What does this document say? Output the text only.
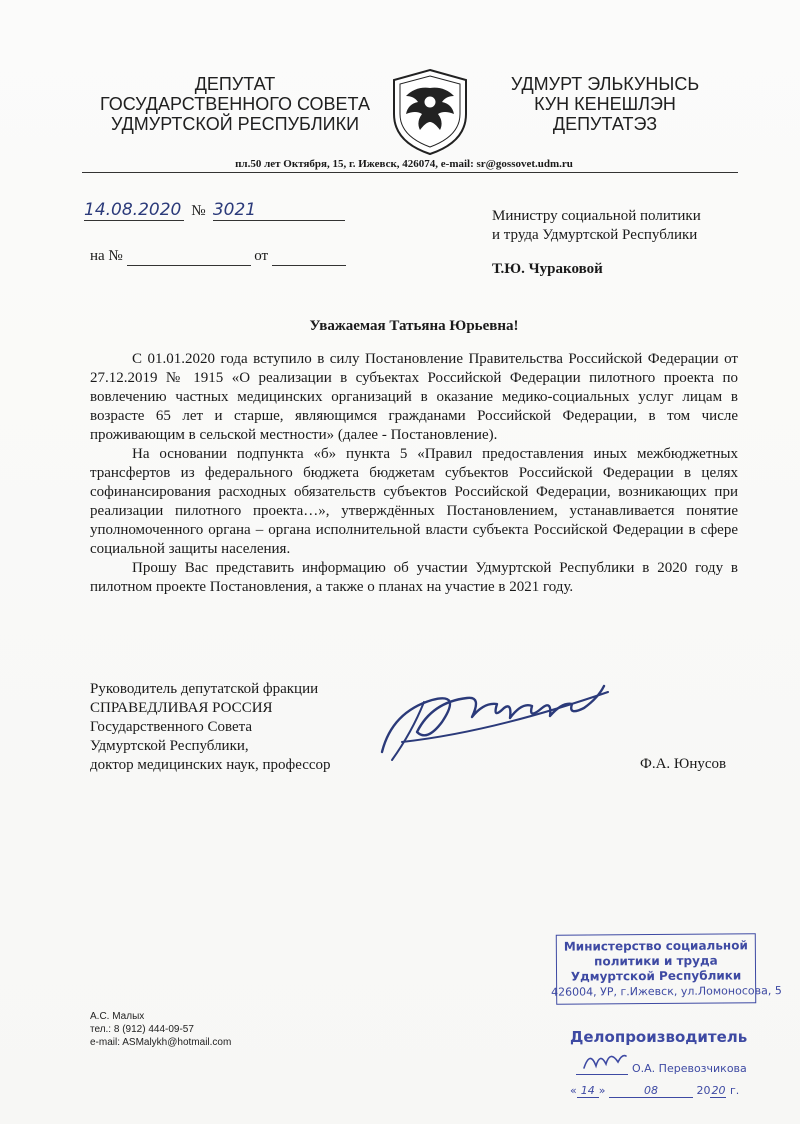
ДЕПУТАТ
ГОСУДАРСТВЕННОГО СОВЕТА
УДМУРТСКОЙ РЕСПУБЛИКИ
УДМУРТ ЭЛЬКУНЫСЬ
КУН КЕНЕШЛЭН
ДЕПУТАТЭЗ
пл.50 лет Октября, 15, г. Ижевск, 426074, e-mail: sr@gossovet.udm.ru
14.08.2020 № 3021
на №	от
Министру социальной политики
и труда Удмуртской Республики
Т.Ю. Чураковой
Уважаемая Татьяна Юрьевна!

С 01.01.2020 года вступило в силу Постановление Правительства Российской Федерации от 27.12.2019 № 1915 «О реализации в субъектах Российской Федерации пилотного проекта по вовлечению частных медицинских организаций в оказание медико-социальных услуг лицам в возрасте 65 лет и старше, являющимся гражданами Российской Федерации, в том числе проживающим в сельской местности» (далее - Постановление).

На основании подпункта «б» пункта 5 «Правил предоставления иных межбюджетных трансфертов из федерального бюджета бюджетам субъектов Российской Федерации в целях софинансирования расходных обязательств субъектов Российской Федерации, возникающих при реализации пилотного проекта…», утверждённых Постановлением, устанавливается понятие уполномоченного органа – органа исполнительной власти субъекта Российской Федерации в сфере социальной защиты населения.

Прошу Вас представить информацию об участии Удмуртской Республики в 2020 году в пилотном проекте Постановления, а также о планах на участие в 2021 году.

Руководитель депутатской фракции
СПРАВЕДЛИВАЯ РОССИЯ
Государственного Совета
Удмуртской Республики,
доктор медицинских наук, профессор	Ф.А. Юнусов
Министерство социальной
политики и труда
Удмуртской Республики
426004, УР, г.Ижевск, ул.Ломоносова, 5
Делопроизводитель
О.А. Перевозчикова
« 14 »	08	2020 г.
А.С. Малых
тел.: 8 (912) 444-09-57
e-mail: ASMalykh@hotmail.com
